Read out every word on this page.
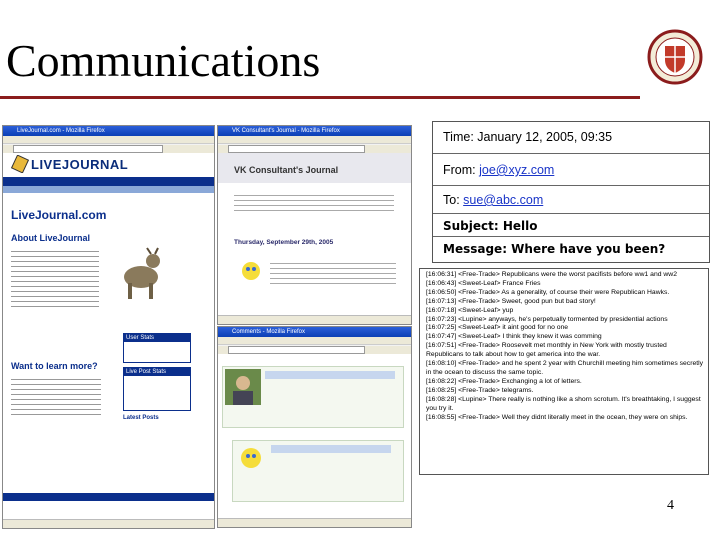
Communications
LiveJournal.com - Mozilla Firefox
LIVEJOURNAL
LiveJournal.com
About LiveJournal
Want to learn more?
User Stats
Live Post Stats
Latest Posts
VK Consultant's Journal - Mozilla Firefox
VK Consultant's Journal
Thursday, September 29th, 2005
Comments - Mozilla Firefox
Time: January 12, 2005, 09:35
From: joe@xyz.com
To: sue@abc.com
Subject: Hello
Message: Where have you been?
[16:06:31] <Free-Trade> Republicans were the worst pacifists before ww1 and ww2
[16:06:43] <Sweet-Leaf> France Fries
[16:06:50] <Free-Trade> As a generality, of course their were Republican Hawks.
[16:07:13] <Free-Trade> Sweet, good pun but bad story!
[16:07:18] <Sweet-Leaf> yup
[16:07:23] <Lupine> anyways, he's perpetually tormented by presidential actions
[16:07:25] <Sweet-Leaf> it aint good for no one
[16:07:47] <Sweet-Leaf> I think they knew it was comming
[16:07:51] <Free-Trade> Roosevelt met monthly in New York with mostly trusted Republicans to talk about how to get america into the war.
[16:08:10] <Free-Trade> and he spent 2 year with Churchill meeting him sometimes secretly in the ocean to discuss the same topic.
[16:08:22] <Free-Trade> Exchanging a lot of letters.
[16:08:25] <Free-Trade> telegrams.
[16:08:28] <Lupine> There really is nothing like a shorn scrotum. It's breathtaking, I suggest you try it.
[16:08:55] <Free-Trade> Well they didnt literally meet in the ocean, they were on ships.
4
